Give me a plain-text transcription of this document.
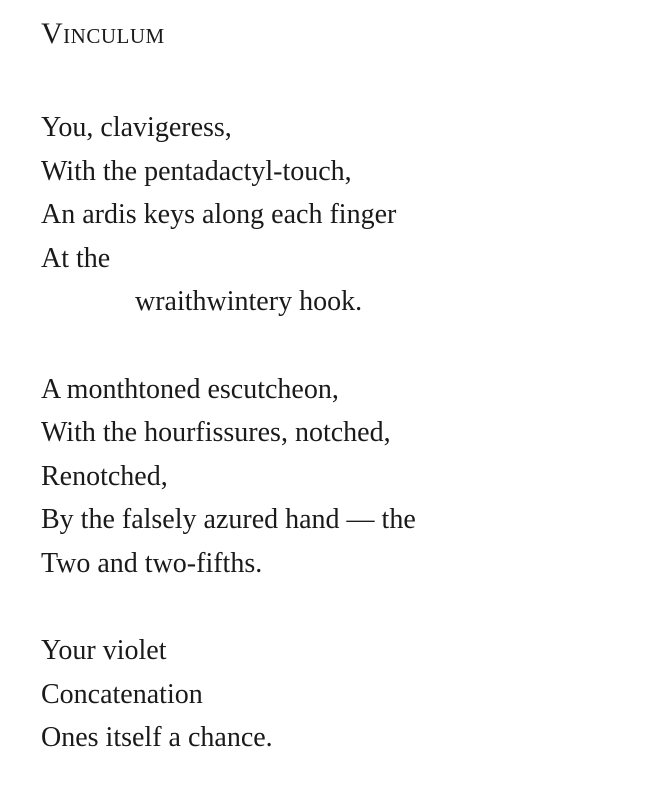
Vinculum
You, clavigeress,
With the pentadactyl-touch,
An ardis keys along each finger
At the
wraithwintery hook.
A monthtoned escutcheon,
With the hourfissures, notched,
Renotched,
By the falsely azured hand — the
Two and two-fifths.
Your violet
Concatenation
Ones itself a chance.
